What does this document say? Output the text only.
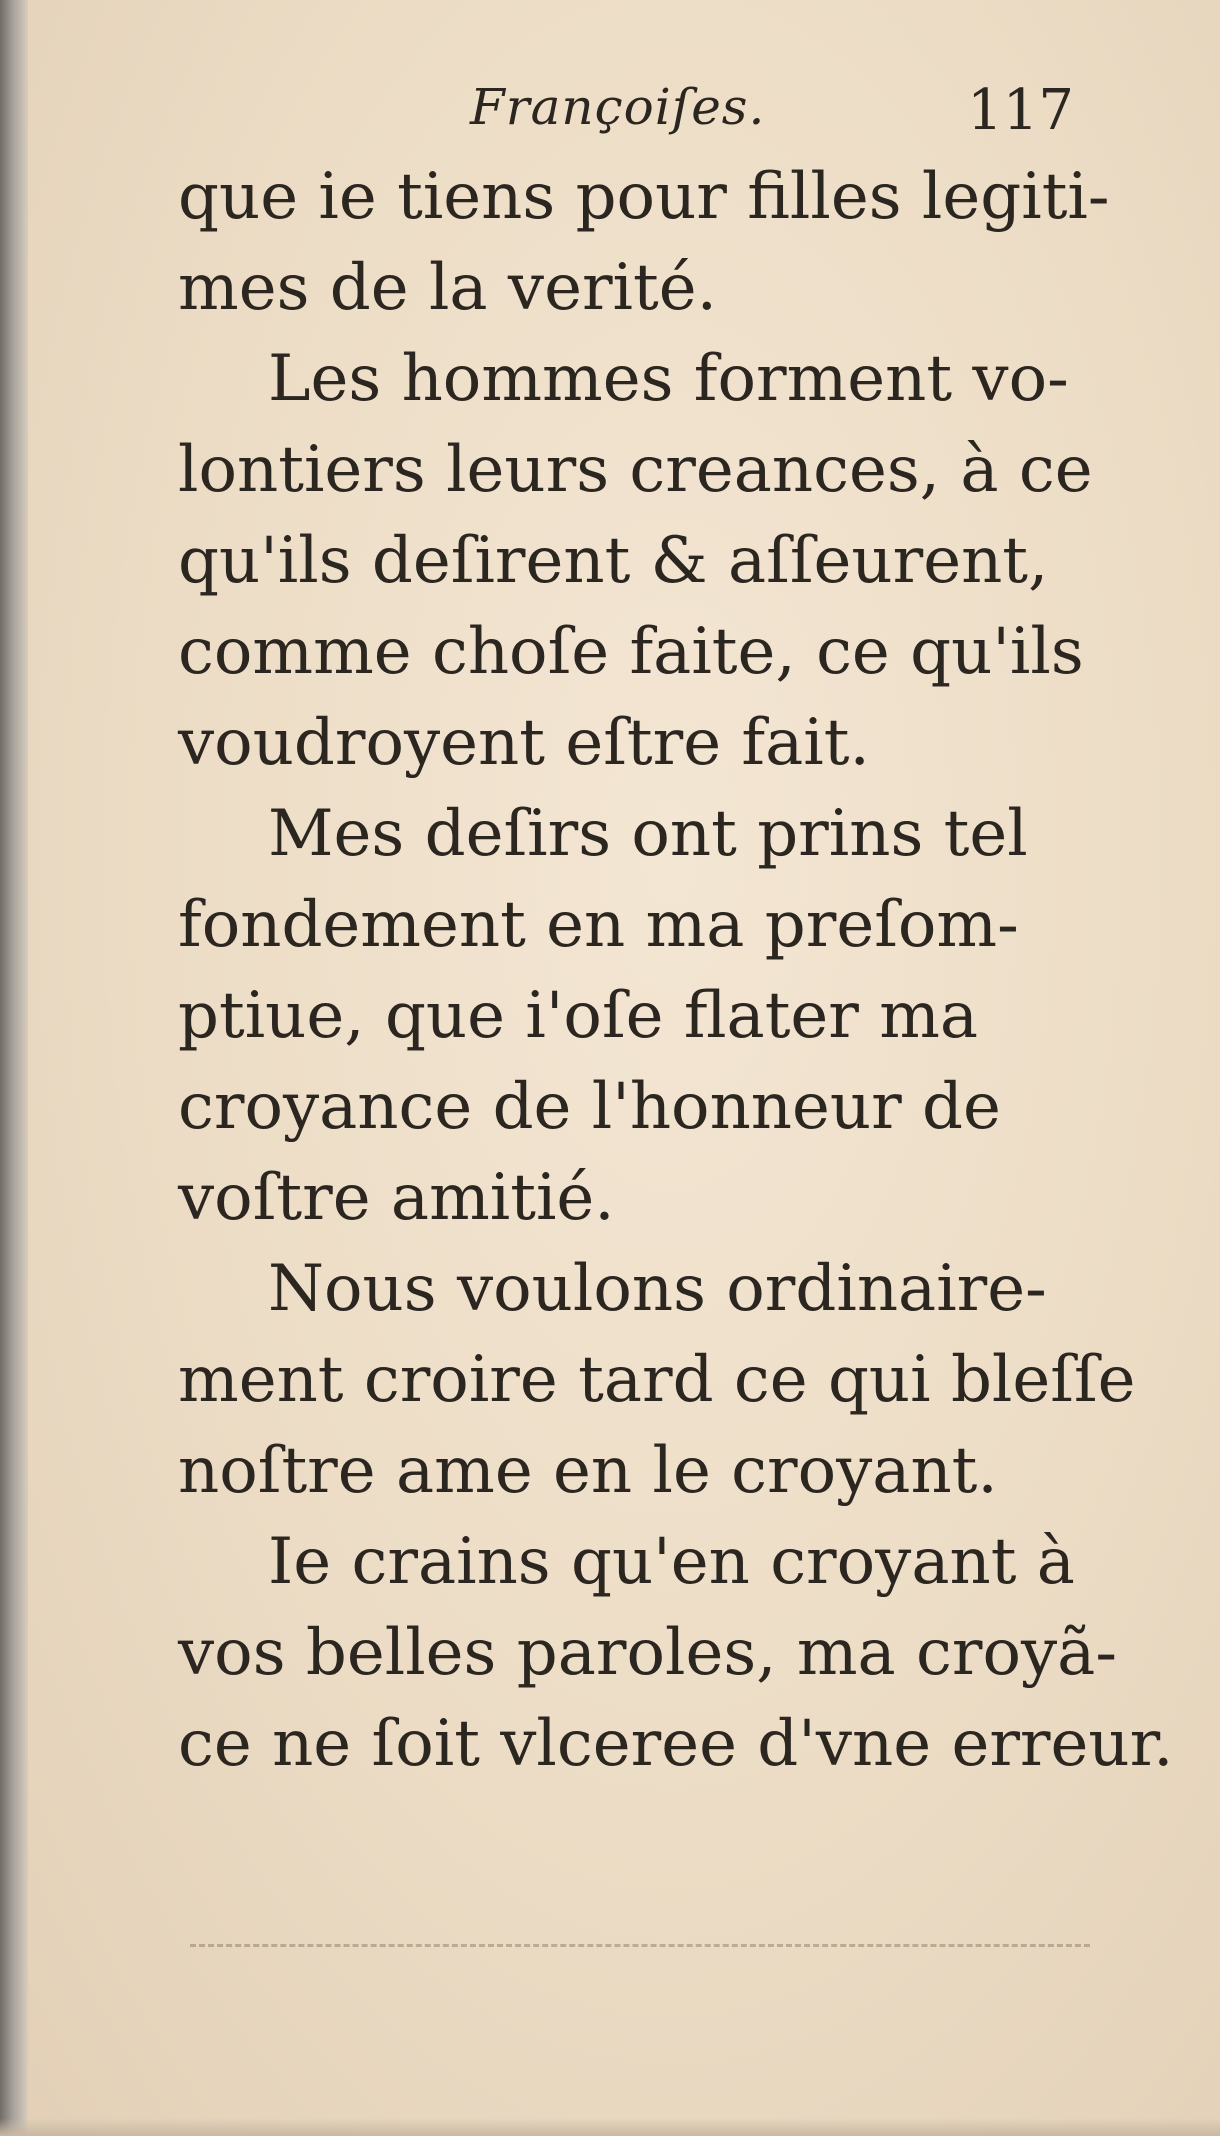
Françoiſes.	117
que ie tiens pour filles legiti-
mes de la verité.
Les hommes forment vo-
lontiers leurs creances, à ce
qu'ils deſirent & aſſeurent,
comme choſe faite, ce qu'ils
voudroyent eſtre fait.
Mes deſirs ont prins tel
fondement en ma preſom-
ptiue, que i'oſe flater ma
croyance de l'honneur de
voſtre amitié.
Nous voulons ordinaire-
ment croire tard ce qui bleſſe
noſtre ame en le croyant.
Ie crains qu'en croyant à
vos belles paroles, ma croyã-
ce ne ſoit vlceree d'vne erreur.
